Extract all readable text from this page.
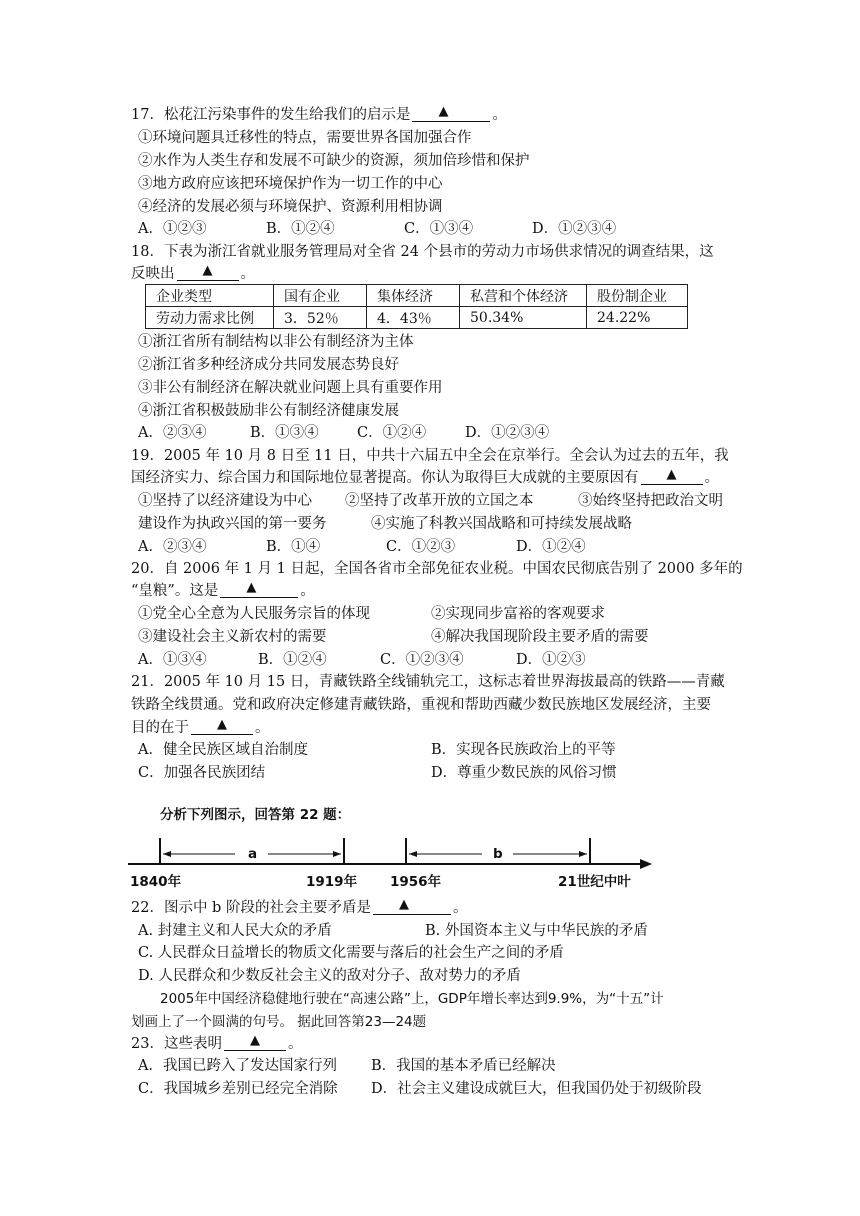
17．松花江污染事件的发生给我们的启示是 ▲	。
①环境问题具迁移性的特点，需要世界各国加强合作
②水作为人类生存和发展不可缺少的资源，须加倍珍惜和保护
③地方政府应该把环境保护作为一切工作的中心
④经济的发展必须与环境保护、资源利用相协调
A．①②③	B．①②④	C．①③④	D．①②③④
18．下表为浙江省就业服务管理局对全省 24 个县市的劳动力市场供求情况的调查结果，这
反映出 ▲ 。
企业类型	国有企业	集体经济	私营和个体经济	股份制企业
劳动力需求比例	3．52％	4．43％	50.34%	24.22%
①浙江省所有制结构以非公有制经济为主体
②浙江省多种经济成分共同发展态势良好
③非公有制经济在解决就业问题上具有重要作用
④浙江省积极鼓励非公有制经济健康发展
A．②③④	B．①③④	C．①②④	D．①②③④
19．2005 年 10 月 8 日至 11 日，中共十六届五中全会在京举行。全会认为过去的五年，我
国经济实力、综合国力和国际地位显著提高。你认为取得巨大成就的主要原因有 ▲ 。
①坚持了以经济建设为中心 ②坚持了改革开放的立国之本	③始终坚持把政治文明
建设作为执政兴国的第一要务	④实施了科教兴国战略和可持续发展战略
A．②③④	B．①④	C．①②③	D．①②④
20．自 2006 年 1 月 1 日起，全国各省市全部免征农业税。中国农民彻底告别了 2000 多年的
“皇粮”。这是 ▲	。
①党全心全意为人民服务宗旨的体现	②实现同步富裕的客观要求
③建设社会主义新农村的需要	④解决我国现阶段主要矛盾的需要
A．①③④	B．①②④	C．①②③④	D．①②③
21．2005 年 10 月 15 日，青藏铁路全线铺轨完工，这标志着世界海拔最高的铁路——青藏
铁路全线贯通。党和政府决定修建青藏铁路，重视和帮助西藏少数民族地区发展经济，主要
目的在于 ▲ 。
A．健全民族区域自治制度	B．实现各民族政治上的平等
C．加强各民族团结	D．尊重少数民族的风俗习惯
分析下列图示，回答第 22 题：
a	b
1840年	1919年 1956年	21世纪中叶
22．图示中 b 阶段的社会主要矛盾是 ▲	。
A. 封建主义和人民大众的矛盾	B. 外国资本主义与中华民族的矛盾
C. 人民群众日益增长的物质文化需要与落后的社会生产之间的矛盾
D. 人民群众和少数反社会主义的敌对分子、敌对势力的矛盾
2005年中国经济稳健地行驶在“高速公路”上，GDP年增长率达到9.9%，为“十五”计
划画上了一个圆满的句号。 据此回答第23—24题
23．这些表明 ▲ 。
A．我国已跨入了发达国家行列 B．我国的基本矛盾已经解决
C．我国城乡差别已经完全消除 D．社会主义建设成就巨大，但我国仍处于初级阶段
